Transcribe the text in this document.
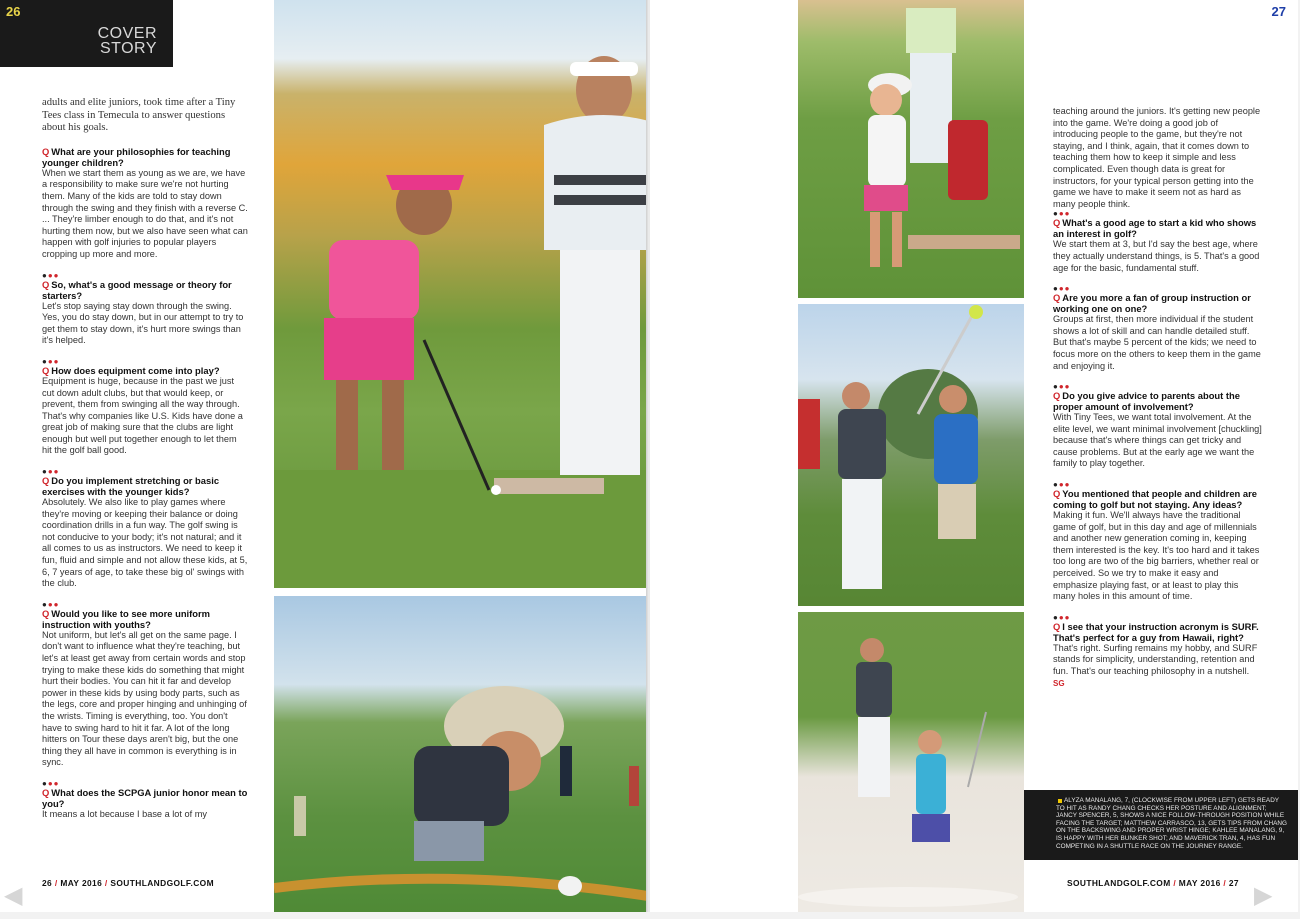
26
COVER
STORY

adults and elite juniors, took time after a Tiny Tees class in Temecula to answer questions about his goals.

Q What are your philosophies for teaching younger children?

When we start them as young as we are, we have a responsibility to make sure we're not hurting them. Many of the kids are told to stay down through the swing and they finish with a reverse C. ... They're limber enough to do that, and it's not hurting them now, but we also have seen what can happen with golf injuries to popular players cropping up more and more.

●●●

Q So, what's a good message or theory for starters?

Let's stop saying stay down through the swing. Yes, you do stay down, but in our attempt to try to get them to stay down, it's hurt more swings than it's helped.

●●●

Q How does equipment come into play?

Equipment is huge, because in the past we just cut down adult clubs, but that would keep, or prevent, them from swinging all the way through. That's why companies like U.S. Kids have done a great job of making sure that the clubs are light enough but well put together enough to let them hit the golf ball good.

●●●

Q Do you implement stretching or basic exercises with the younger kids?

Absolutely. We also like to play games where they're moving or keeping their balance or doing coordination drills in a fun way. The golf swing is not conducive to your body; it's not natural; and it all comes to us as instructors. We need to keep it fun, fluid and simple and not allow these kids, at 5, 6, 7 years of age, to take these big ol' swings with the club.

●●●

Q Would you like to see more uniform instruction with youths?

Not uniform, but let's all get on the same page. I don't want to influence what they're teaching, but let's at least get away from certain words and stop trying to make these kids do something that might hurt their bodies. You can hit it far and develop power in these kids by using body parts, such as the legs, core and proper hinging and unhinging of the wrists. Timing is everything, too. You don't have to swing hard to hit it far. A lot of the long hitters on Tour these days aren't big, but the one thing they all have in common is everything is in sync.

●●●

Q What does the SCPGA junior honor mean to you?

It means a lot because I base a lot of my

26 / MAY 2016 / SOUTHLANDGOLF.COM
◀
27

teaching around the juniors. It's getting new people into the game. We're doing a good job of introducing people to the game, but they're not staying, and I think, again, that it comes down to teaching them how to keep it simple and less complicated. Even though data is great for instructors, for your typical person getting into the game we have to make it seem not as hard as many people think.

●●●

Q What's a good age to start a kid who shows an interest in golf?

We start them at 3, but I'd say the best age, where they actually understand things, is 5. That's a good age for the basic, fundamental stuff.

●●●

Q Are you more a fan of group instruction or working one on one?

Groups at first, then more individual if the student shows a lot of skill and can handle detailed stuff. But that's maybe 5 percent of the kids; we need to focus more on the others to keep them in the game and enjoying it.

●●●

Q Do you give advice to parents about the proper amount of involvement?

With Tiny Tees, we want total involvement. At the elite level, we want minimal involvement [chuckling] because that's where things can get tricky and cause problems. But at the early age we want the family to play together.

●●●

Q You mentioned that people and children are coming to golf but not staying. Any ideas?

Making it fun. We'll always have the traditional game of golf, but in this day and age of millennials and another new generation coming in, keeping them interested is the key. It's too hard and it takes too long are two of the big barriers, whether real or perceived. So we try to make it easy and emphasize playing fast, or at least to play this many holes in this amount of time.

●●●

Q I see that your instruction acronym is SURF. That's perfect for a guy from Hawaii, right?

That's right. Surfing remains my hobby, and SURF stands for simplicity, understanding, retention and fun. That's our teaching philosophy in a nutshell. SG

ALYZA MANALANG, 7, (CLOCKWISE FROM UPPER LEFT) GETS READY TO HIT AS RANDY CHANG CHECKS HER POSTURE AND ALIGNMENT; JANCY SPENCER, 5, SHOWS A NICE FOLLOW-THROUGH POSITION WHILE FACING THE TARGET; MATTHEW CARRASCO, 13, GETS TIPS FROM CHANG ON THE BACKSWING AND PROPER WRIST HINGE; KAHLEE MANALANG, 9, IS HAPPY WITH HER BUNKER SHOT; AND MAVERICK TRAN, 4, HAS FUN COMPETING IN A SHUTTLE RACE ON THE JOURNEY RANGE.
SOUTHLANDGOLF.COM / MAY 2016 / 27 ▶
